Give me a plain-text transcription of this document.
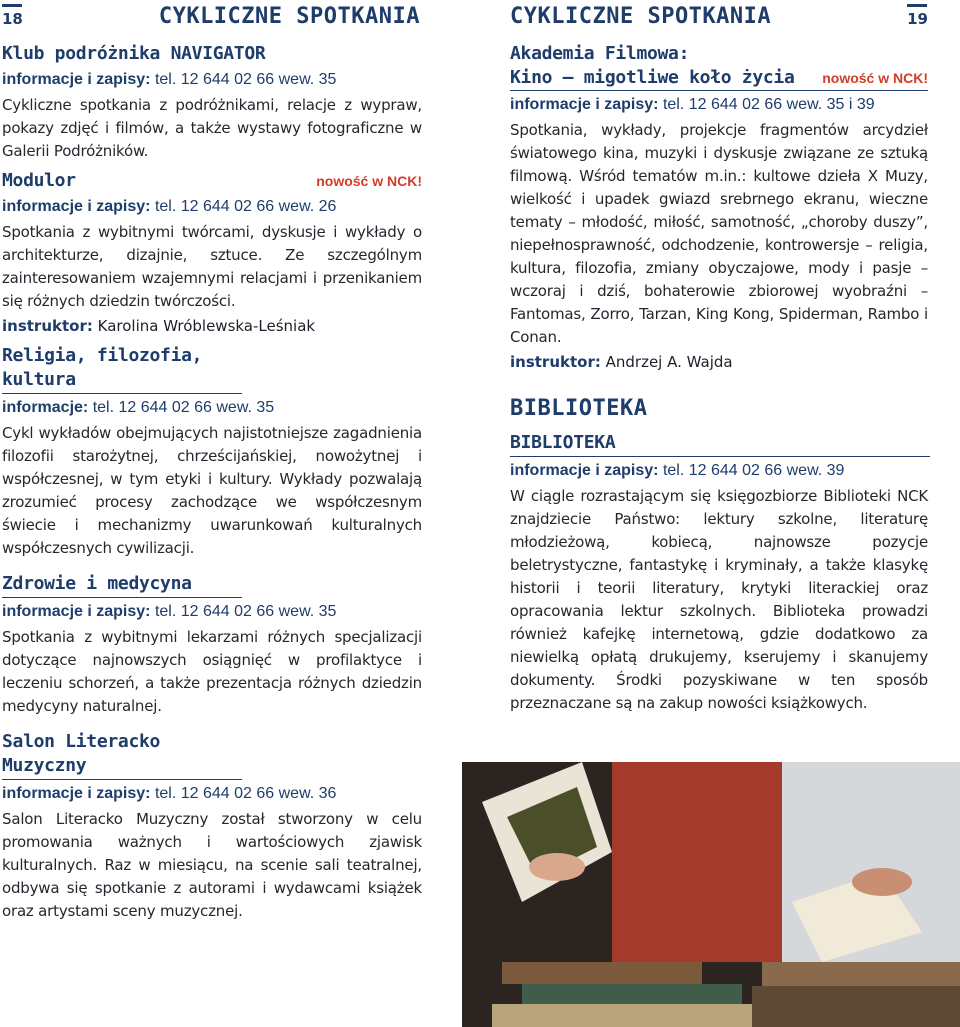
18	CYKLICZNE SPOTKANIA
Klub podróżnika NAVIGATOR
informacje i zapisy: tel. 12 644 02 66 wew. 35

Cykliczne spotkania z podróżnikami, relacje z wypraw, pokazy zdjęć i filmów, a także wystawy fotograficzne w Galerii Podróżników.

Modulor	nowość w NCK!
informacje i zapisy: tel. 12 644 02 66 wew. 26

Spotkania z wybitnymi twórcami, dyskusje i wykłady o architekturze, dizajnie, sztuce. Ze szczególnym zainteresowaniem wzajemnymi relacjami i przenikaniem się różnych dziedzin twórczości.

instruktor: Karolina Wróblewska-Leśniak

Religia, filozofia, kultura
informacje: tel. 12 644 02 66 wew. 35

Cykl wykładów obejmujących najistotniejsze zagadnienia filozofii starożytnej, chrześcijańskiej, nowożytnej i współczesnej, w tym etyki i kultury. Wykłady pozwalają zrozumieć procesy zachodzące we współczesnym świecie i mechanizmy uwarunkowań kulturalnych współczesnych cywilizacji.

Zdrowie i medycyna
informacje i zapisy: tel. 12 644 02 66 wew. 35

Spotkania z wybitnymi lekarzami różnych specjalizacji dotyczące najnowszych osiągnięć w profilaktyce i leczeniu schorzeń, a także prezentacja różnych dziedzin medycyny naturalnej.

Salon Literacko Muzyczny
informacje i zapisy: tel. 12 644 02 66 wew. 36

Salon Literacko Muzyczny został stworzony w celu promowania ważnych i wartościowych zjawisk kulturalnych. Raz w miesiącu, na scenie sali teatralnej, odbywa się spotkanie z autorami i wydawcami książek oraz artystami sceny muzycznej.

CYKLICZNE SPOTKANIA	19
Akademia Filmowa:
Kino – migotliwe koło życia nowość w NCK!
informacje i zapisy: tel. 12 644 02 66 wew. 35 i 39

Spotkania, wykłady, projekcje fragmentów arcydzieł światowego kina, muzyki i dyskusje związane ze sztuką filmową. Wśród tematów m.in.: kultowe dzieła X Muzy, wielkość i upadek gwiazd srebrnego ekranu, wieczne tematy – młodość, miłość, samotność, „choroby duszy”, niepełnosprawność, odchodzenie, kontrowersje – religia, kultura, filozofia, zmiany obyczajowe, mody i pasje – wczoraj i dziś, bohaterowie zbiorowej wyobraźni – Fantomas, Zorro, Tarzan, King Kong, Spiderman, Rambo i Conan.

instruktor: Andrzej A. Wajda

BIBLIOTEKA
BIBLIOTEKA
informacje i zapisy: tel. 12 644 02 66 wew. 39

W ciągle rozrastającym się księgozbiorze Biblioteki NCK znajdziecie Państwo: lektury szkolne, literaturę młodzieżową, kobiecą, najnowsze pozycje beletrystyczne, fantastykę i kryminały, a także klasykę historii i teorii literatury, krytyki literackiej oraz opracowania lektur szkolnych. Biblioteka prowadzi również kafejkę internetową, gdzie dodatkowo za niewielką opłatą drukujemy, kserujemy i skanujemy dokumenty. Środki pozyskiwane w ten sposób przeznaczane są na zakup nowości książkowych.
